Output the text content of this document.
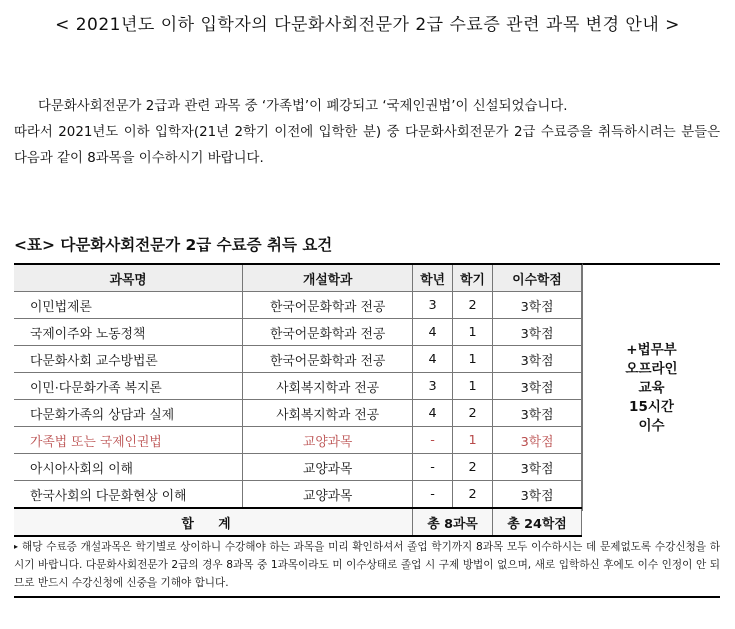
< 2021년도 이하 입학자의 다문화사회전문가 2급 수료증 관련 과목 변경 안내 >

다문화사회전문가 2급과 관련 과목 중 ‘가족법’이 폐강되고 ‘국제인권법’이 신설되었습니다.

따라서 2021년도 이하 입학자(21년 2학기 이전에 입학한 분) 중 다문화사회전문가 2급 수료증을 취득하시려는 분들은 다음과 같이 8과목을 이수하시기 바랍니다.

<표> 다문화사회전문가 2급 수료증 취득 요건
과목명	개설학과	학년	학기	이수학점
이민법제론	한국어문화학과 전공	3	2	3학점
국제이주와 노동정책	한국어문화학과 전공	4	1	3학점
다문화사회 교수방법론	한국어문화학과 전공	4	1	3학점
이민·다문화가족 복지론	사회복지학과 전공	3	1	3학점
다문화가족의 상담과 실제	사회복지학과 전공	4	2	3학점
가족법 또는 국제인권법	교양과목	-	1	3학점
아시아사회의 이해	교양과목	-	2	3학점
한국사회의 다문화현상 이해	교양과목	-	2	3학점
합 계		총 8과목		총 24학점
+법무부
오프라인
교육
15시간
이수
▸ 해당 수료증 개설과목은 학기별로 상이하니 수강해야 하는 과목을 미리 확인하셔서 졸업 학기까지 8과목 모두 이수하시는 데 문제없도록 수강신청을 하시기 바랍니다. 다문화사회전문가 2급의 경우 8과목 중 1과목이라도 미 이수상태로 졸업 시 구제 방법이 없으며, 새로 입학하신 후에도 이수 인정이 안 되므로 반드시 수강신청에 신중을 기해야 합니다.
